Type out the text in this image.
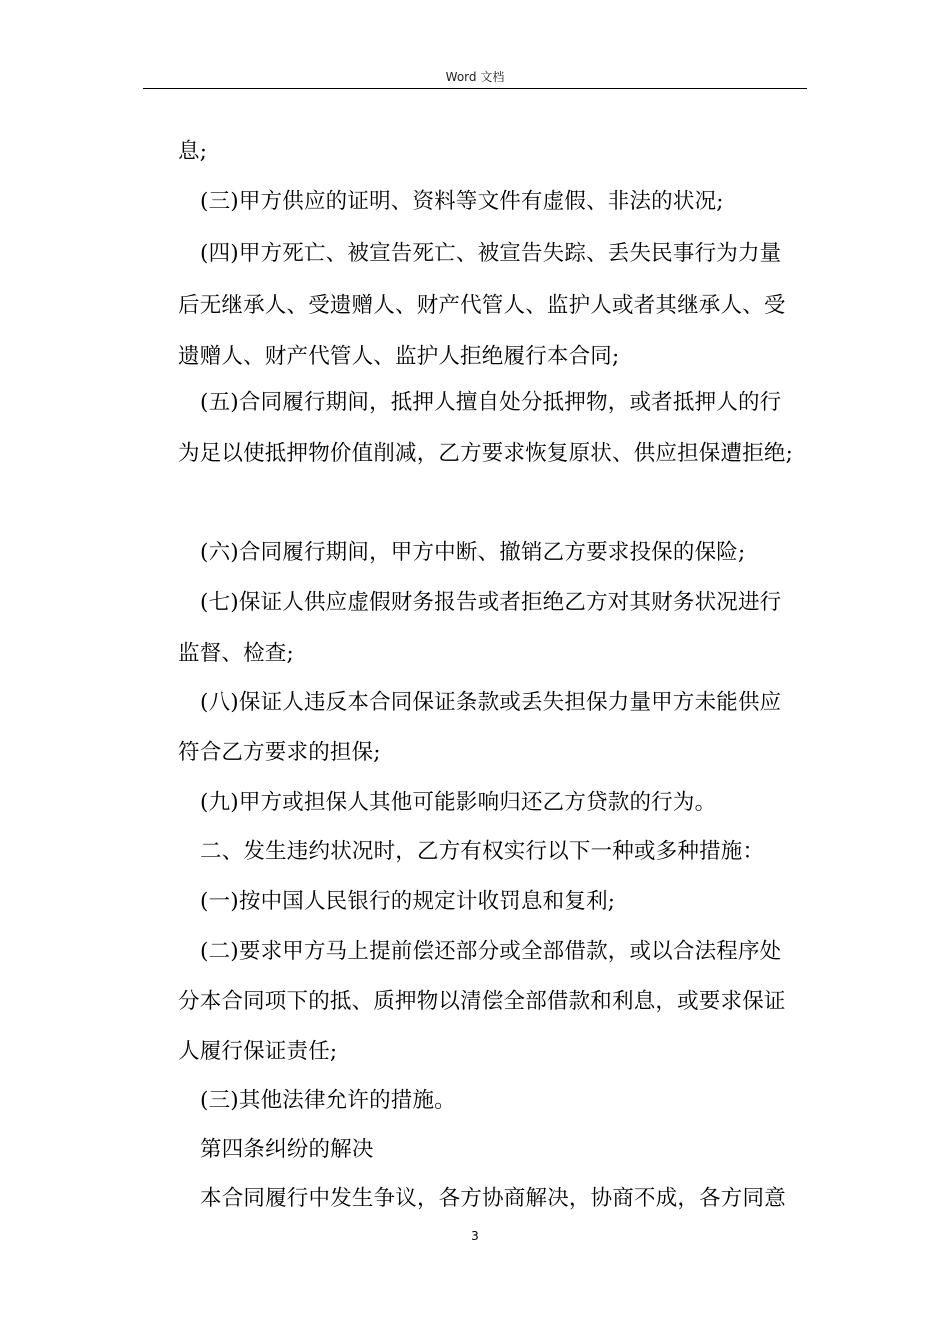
Word 文档
息;
(三)甲方供应的证明、资料等文件有虚假、非法的状况;
(四)甲方死亡、被宣告死亡、被宣告失踪、丢失民事行为力量
后无继承人、受遗赠人、财产代管人、监护人或者其继承人、受
遗赠人、财产代管人、监护人拒绝履行本合同;
(五)合同履行期间，抵押人擅自处分抵押物，或者抵押人的行
为足以使抵押物价值削减，乙方要求恢复原状、供应担保遭拒绝;
(六)合同履行期间，甲方中断、撤销乙方要求投保的保险;
(七)保证人供应虚假财务报告或者拒绝乙方对其财务状况进行
监督、检查;
(八)保证人违反本合同保证条款或丢失担保力量甲方未能供应
符合乙方要求的担保;
(九)甲方或担保人其他可能影响归还乙方贷款的行为。
二、发生违约状况时，乙方有权实行以下一种或多种措施：
(一)按中国人民银行的规定计收罚息和复利;
(二)要求甲方马上提前偿还部分或全部借款，或以合法程序处
分本合同项下的抵、质押物以清偿全部借款和利息，或要求保证
人履行保证责任;
(三)其他法律允许的措施。
第四条纠纷的解决
本合同履行中发生争议，各方协商解决，协商不成，各方同意
3
